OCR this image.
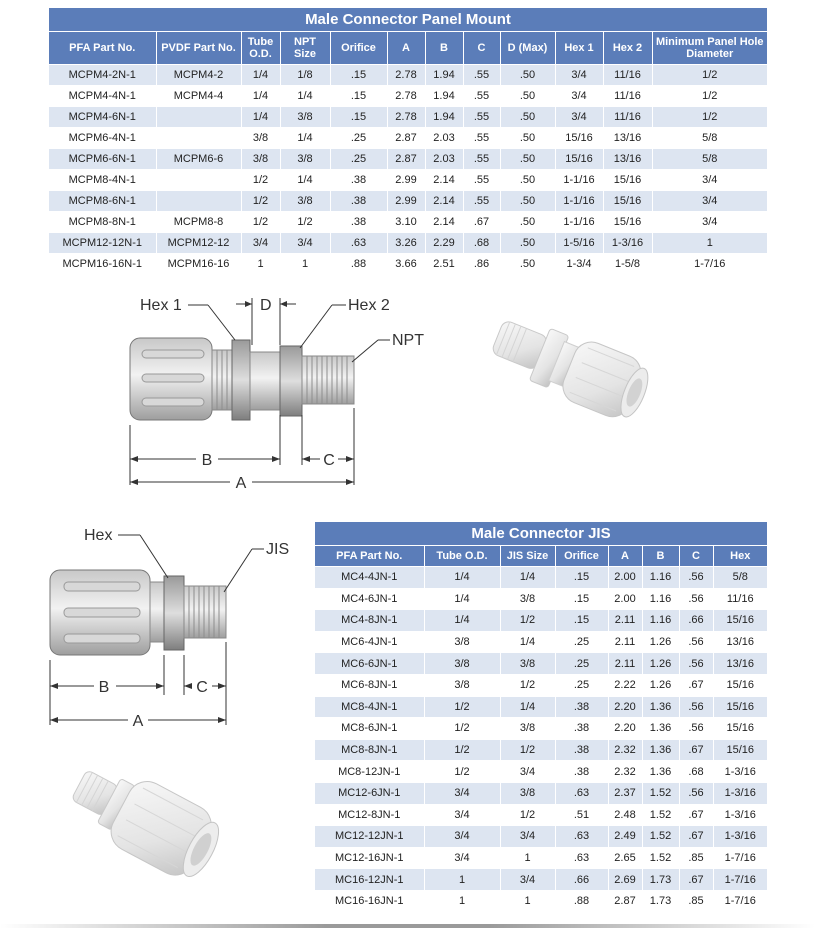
Male Connector Panel Mount
PFA Part No.	PVDF Part No.	Tube O.D.	NPT Size	Orifice	A	B	C	D (Max)	Hex 1	Hex 2	Minimum Panel Hole Diameter
MCPM4-2N-1	MCPM4-2	1/4	1/8	.15	2.78	1.94	.55	.50	3/4	11/16	1/2
MCPM4-4N-1	MCPM4-4	1/4	1/4	.15	2.78	1.94	.55	.50	3/4	11/16	1/2
MCPM4-6N-1		1/4	3/8	.15	2.78	1.94	.55	.50	3/4	11/16	1/2
MCPM6-4N-1		3/8	1/4	.25	2.87	2.03	.55	.50	15/16	13/16	5/8
MCPM6-6N-1	MCPM6-6	3/8	3/8	.25	2.87	2.03	.55	.50	15/16	13/16	5/8
MCPM8-4N-1		1/2	1/4	.38	2.99	2.14	.55	.50	1-1/16	15/16	3/4
MCPM8-6N-1		1/2	3/8	.38	2.99	2.14	.55	.50	1-1/16	15/16	3/4
MCPM8-8N-1	MCPM8-8	1/2	1/2	.38	3.10	2.14	.67	.50	1-1/16	15/16	3/4
MCPM12-12N-1	MCPM12-12	3/4	3/4	.63	3.26	2.29	.68	.50	1-5/16	1-3/16	1
MCPM16-16N-1	MCPM16-16	1	1	.88	3.66	2.51	.86	.50	1-3/4	1-5/8	1-7/16
Hex 1	D	Hex 2
NPT
B	C
A
Hex
JIS
B	C
A
Male Connector JIS
PFA Part No.	Tube O.D.	JIS Size	Orifice	A	B	C	Hex
MC4-4JN-1	1/4	1/4	.15	2.00	1.16	.56	5/8
MC4-6JN-1	1/4	3/8	.15	2.00	1.16	.56	11/16
MC4-8JN-1	1/4	1/2	.15	2.11	1.16	.66	15/16
MC6-4JN-1	3/8	1/4	.25	2.11	1.26	.56	13/16
MC6-6JN-1	3/8	3/8	.25	2.11	1.26	.56	13/16
MC6-8JN-1	3/8	1/2	.25	2.22	1.26	.67	15/16
MC8-4JN-1	1/2	1/4	.38	2.20	1.36	.56	15/16
MC8-6JN-1	1/2	3/8	.38	2.20	1.36	.56	15/16
MC8-8JN-1	1/2	1/2	.38	2.32	1.36	.67	15/16
MC8-12JN-1	1/2	3/4	.38	2.32	1.36	.68	1-3/16
MC12-6JN-1	3/4	3/8	.63	2.37	1.52	.56	1-3/16
MC12-8JN-1	3/4	1/2	.51	2.48	1.52	.67	1-3/16
MC12-12JN-1	3/4	3/4	.63	2.49	1.52	.67	1-3/16
MC12-16JN-1	3/4	1	.63	2.65	1.52	.85	1-7/16
MC16-12JN-1	1	3/4	.66	2.69	1.73	.67	1-7/16
MC16-16JN-1	1	1	.88	2.87	1.73	.85	1-7/16
